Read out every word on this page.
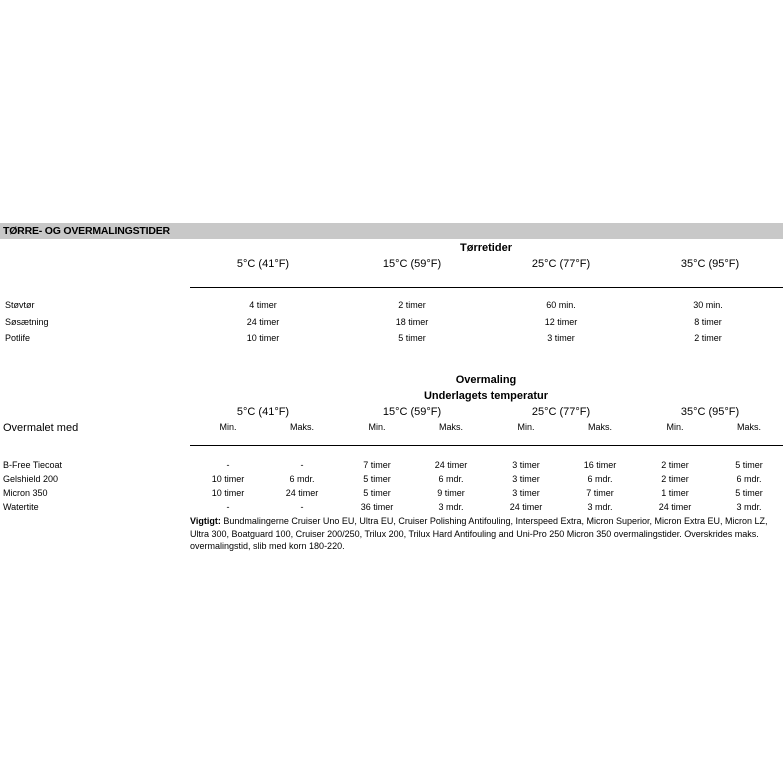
TØRRE- OG OVERMALINGSTIDER
Tørretider
5°C (41°F)	15°C (59°F)	25°C (77°F)	35°C (95°F)
Støvtør	4 timer	2 timer	60 min.	30 min.
Søsætning	24 timer	18 timer	12 timer	8 timer
Potlife	10 timer	5 timer	3 timer	2 timer
Overmaling
Underlagets temperatur
5°C (41°F)	15°C (59°F)	25°C (77°F)	35°C (95°F)
Overmalet med	Min.	Maks.	Min.	Maks.	Min.	Maks.	Min.	Maks.
B-Free Tiecoat	-	-	7 timer	24 timer	3 timer	16 timer	2 timer	5 timer
Gelshield 200	10 timer	6 mdr.	5 timer	6 mdr.	3 timer	6 mdr.	2 timer	6 mdr.
Micron 350	10 timer	24 timer	5 timer	9 timer	3 timer	7 timer	1 timer	5 timer
Watertite	-	-	36 timer	3 mdr.	24 timer	3 mdr.	24 timer	3 mdr.
Vigtigt: Bundmalingerne Cruiser Uno EU, Ultra EU, Cruiser Polishing Antifouling, Interspeed Extra, Micron Superior, Micron Extra EU, Micron LZ, Ultra 300, Boatguard 100, Cruiser 200/250, Trilux 200, Trilux Hard Antifouling and Uni-Pro 250 Micron 350 overmalingstider. Overskrides maks. overmalingstid, slib med korn 180-220.
